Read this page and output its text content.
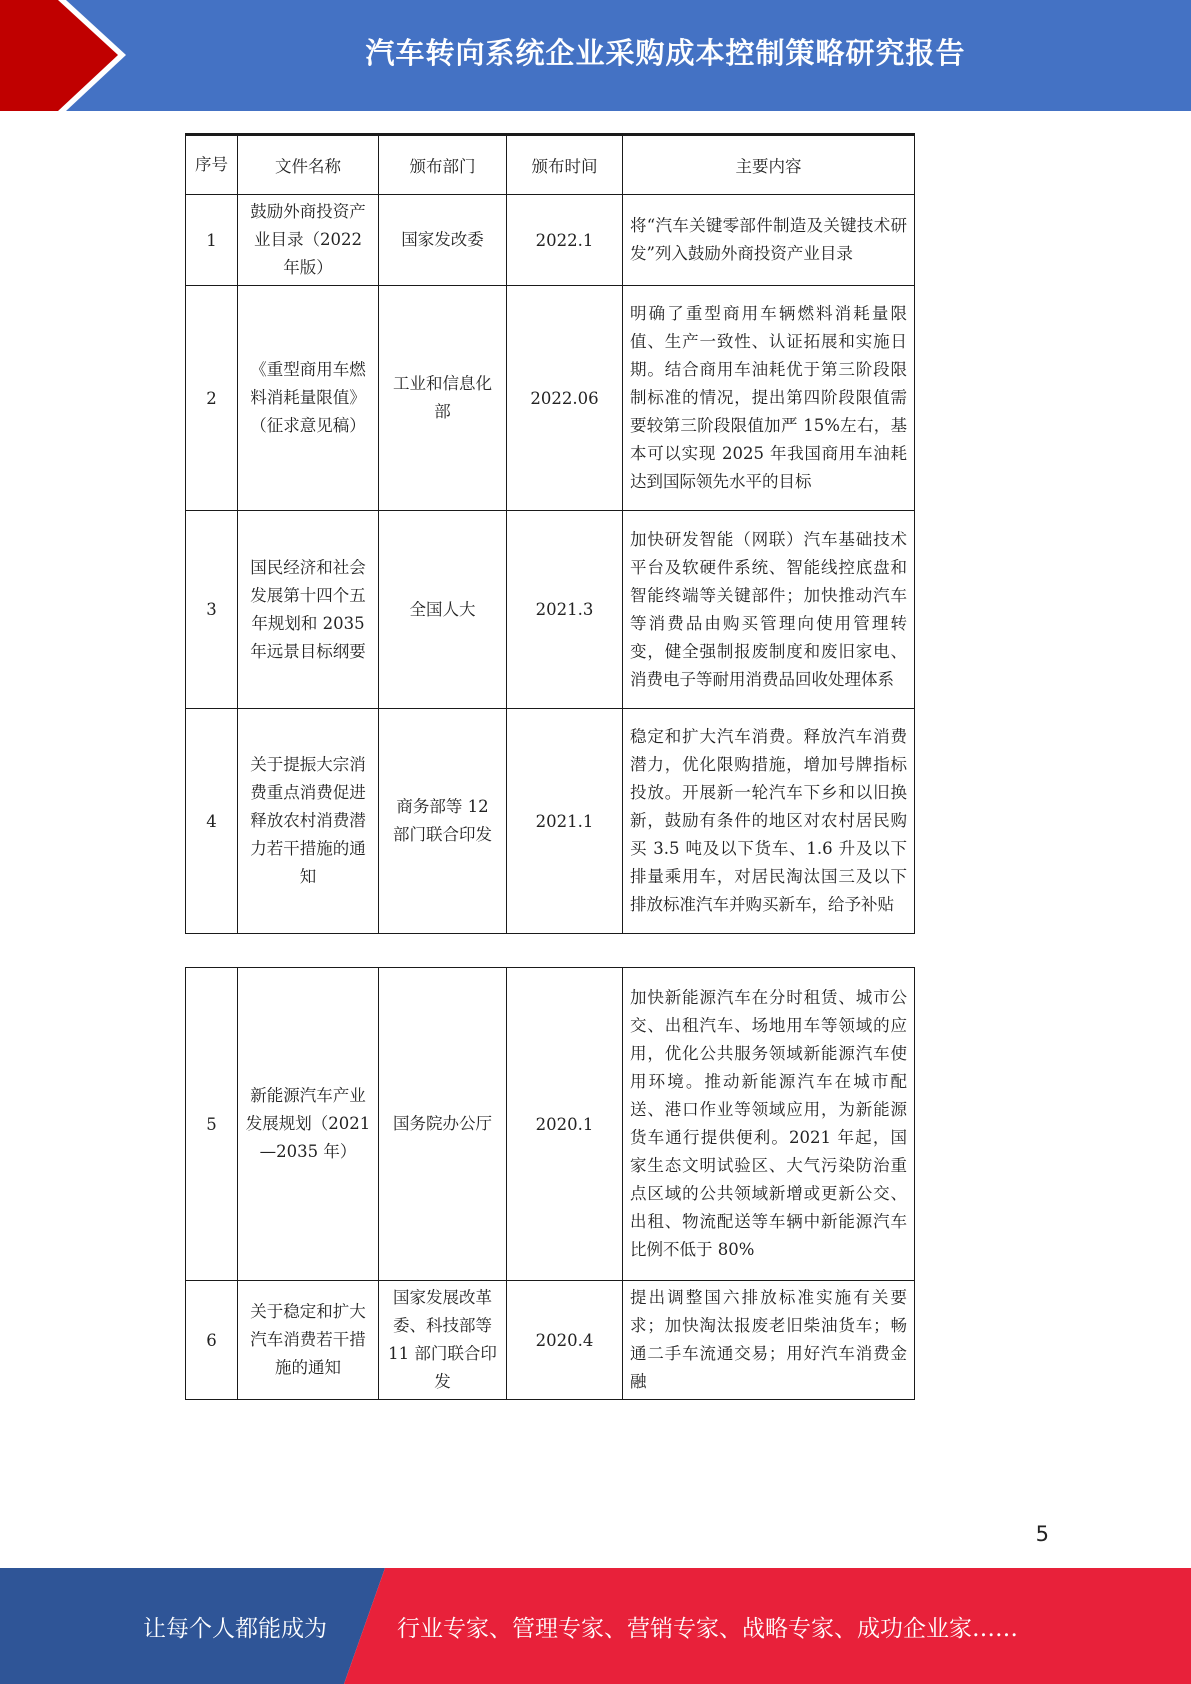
汽车转向系统企业采购成本控制策略研究报告
序号	文件名称	颁布部门	颁布时间	主要内容
1	鼓励外商投资产业目录（2022 年版）	国家发改委	2022.1	将“汽车关键零部件制造及关键技术研发”列入鼓励外商投资产业目录
2	《重型商用车燃料消耗量限值》（征求意见稿）	工业和信息化部	2022.06	明确了重型商用车辆燃料消耗量限值、生产一致性、认证拓展和实施日期。结合商用车油耗优于第三阶段限制标准的情况，提出第四阶段限值需要较第三阶段限值加严 15%左右，基本可以实现 2025 年我国商用车油耗达到国际领先水平的目标
3	国民经济和社会发展第十四个五年规划和 2035 年远景目标纲要	全国人大	2021.3	加快研发智能（网联）汽车基础技术平台及软硬件系统、智能线控底盘和智能终端等关键部件；加快推动汽车等消费品由购买管理向使用管理转变，健全强制报废制度和废旧家电、消费电子等耐用消费品回收处理体系
4	关于提振大宗消费重点消费促进释放农村消费潜力若干措施的通知	商务部等 12 部门联合印发	2021.1	稳定和扩大汽车消费。释放汽车消费潜力，优化限购措施，增加号牌指标投放。开展新一轮汽车下乡和以旧换新，鼓励有条件的地区对农村居民购买 3.5 吨及以下货车、1.6 升及以下排量乘用车，对居民淘汰国三及以下排放标准汽车并购买新车，给予补贴
5	新能源汽车产业发展规划（2021—2035 年）	国务院办公厅	2020.1	加快新能源汽车在分时租赁、城市公交、出租汽车、场地用车等领域的应用，优化公共服务领域新能源汽车使用环境。推动新能源汽车在城市配送、港口作业等领域应用，为新能源货车通行提供便利。2021 年起，国家生态文明试验区、大气污染防治重点区域的公共领域新增或更新公交、出租、物流配送等车辆中新能源汽车比例不低于 80%
6	关于稳定和扩大汽车消费若干措施的通知	国家发展改革委、科技部等 11 部门联合印发	2020.4	提出调整国六排放标准实施有关要求；加快淘汰报废老旧柴油货车；畅通二手车流通交易；用好汽车消费金融
5
让每个人都能成为	行业专家、管理专家、营销专家、战略专家、成功企业家……
